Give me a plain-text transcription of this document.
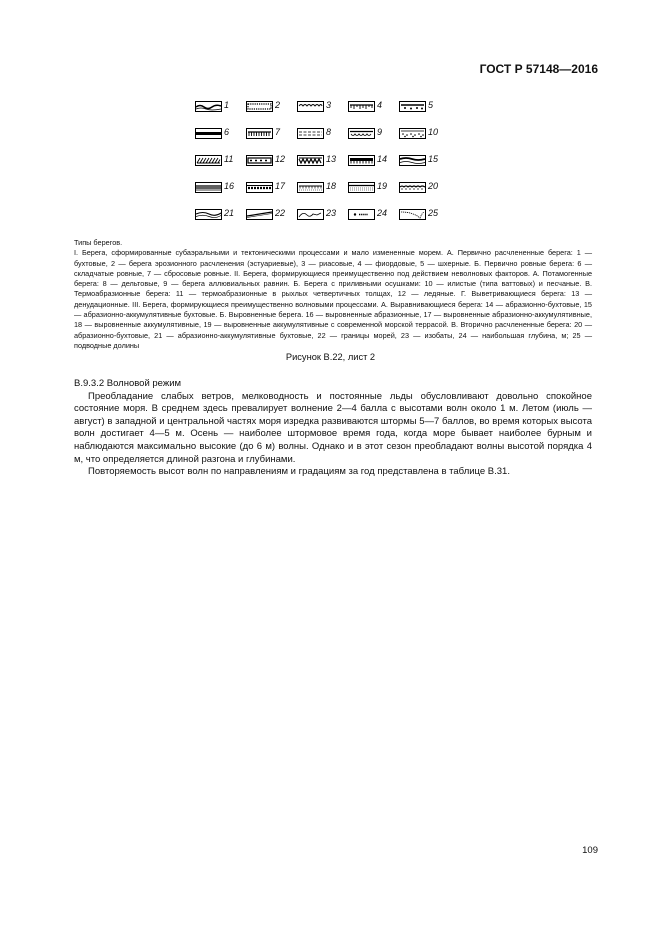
ГОСТ Р 57148—2016
1	2	3	4	5
6	7	8	9	10
11	12	13	14	15
16	17	18	19	20
21	22	23	24	25

Типы берегов.

I. Берега, сформированные субаэральными и тектоническими процессами и мало измененные морем. А. Первично расчлененные берега: 1 — бухтовые, 2 — берега эрозионного расчленения (эстуариевые), 3 — риасовые, 4 — фиордовые, 5 — шхерные. Б. Первично ровные берега: 6 — складчатые ровные, 7 — сбросовые ровные. II. Берега, формирующиеся преимущественно под действием неволновых факторов. А. Потамогенные берега: 8 — дельтовые, 9 — берега аллювиальных равнин. Б. Берега с приливными осушками: 10 — илистые (типа ваттовых) и песчаные. В. Термоабразионные берега: 11 — термоабразионные в рыхлых четвертичных толщах, 12 — ледяные. Г. Выветривающиеся берега: 13 — денудационные. III. Берега, формирующиеся преимущественно волновыми процессами. А. Выравнивающиеся берега: 14 — абразионно-бухтовые, 15 — абразионно-аккумулятивные бухтовые. Б. Выровненные берега. 16 — выровненные абразионные, 17 — выровненные абразионно-аккумулятивные, 18 — выровненные аккумулятивные, 19 — выровненные аккумулятивные с современной морской террасой. В. Вторично расчлененные берега: 20 — абразионно-бухтовые, 21 — абразионно-аккумулятивные бухтовые, 22 — границы морей, 23 — изобаты, 24 — наибольшая глубина, м; 25 — подводные долины

Рисунок В.22, лист 2

В.9.3.2 Волновой режим

Преобладание слабых ветров, мелководность и постоянные льды обусловливают довольно спокойное состояние моря. В среднем здесь превалирует волнение 2—4 балла с высотами волн около 1 м. Летом (июль — август) в западной и центральной частях моря изредка развиваются штормы 5—7 баллов, во время которых высота волн достигает 4—5 м. Осень — наиболее штормовое время года, когда море бывает наиболее бурным и наблюдаются максимально высокие (до 6 м) волны. Однако и в этот сезон преобладают волны высотой порядка 4 м, что определяется длиной разгона и глубинами.

Повторяемость высот волн по направлениям и градациям за год представлена в таблице В.31.

109
